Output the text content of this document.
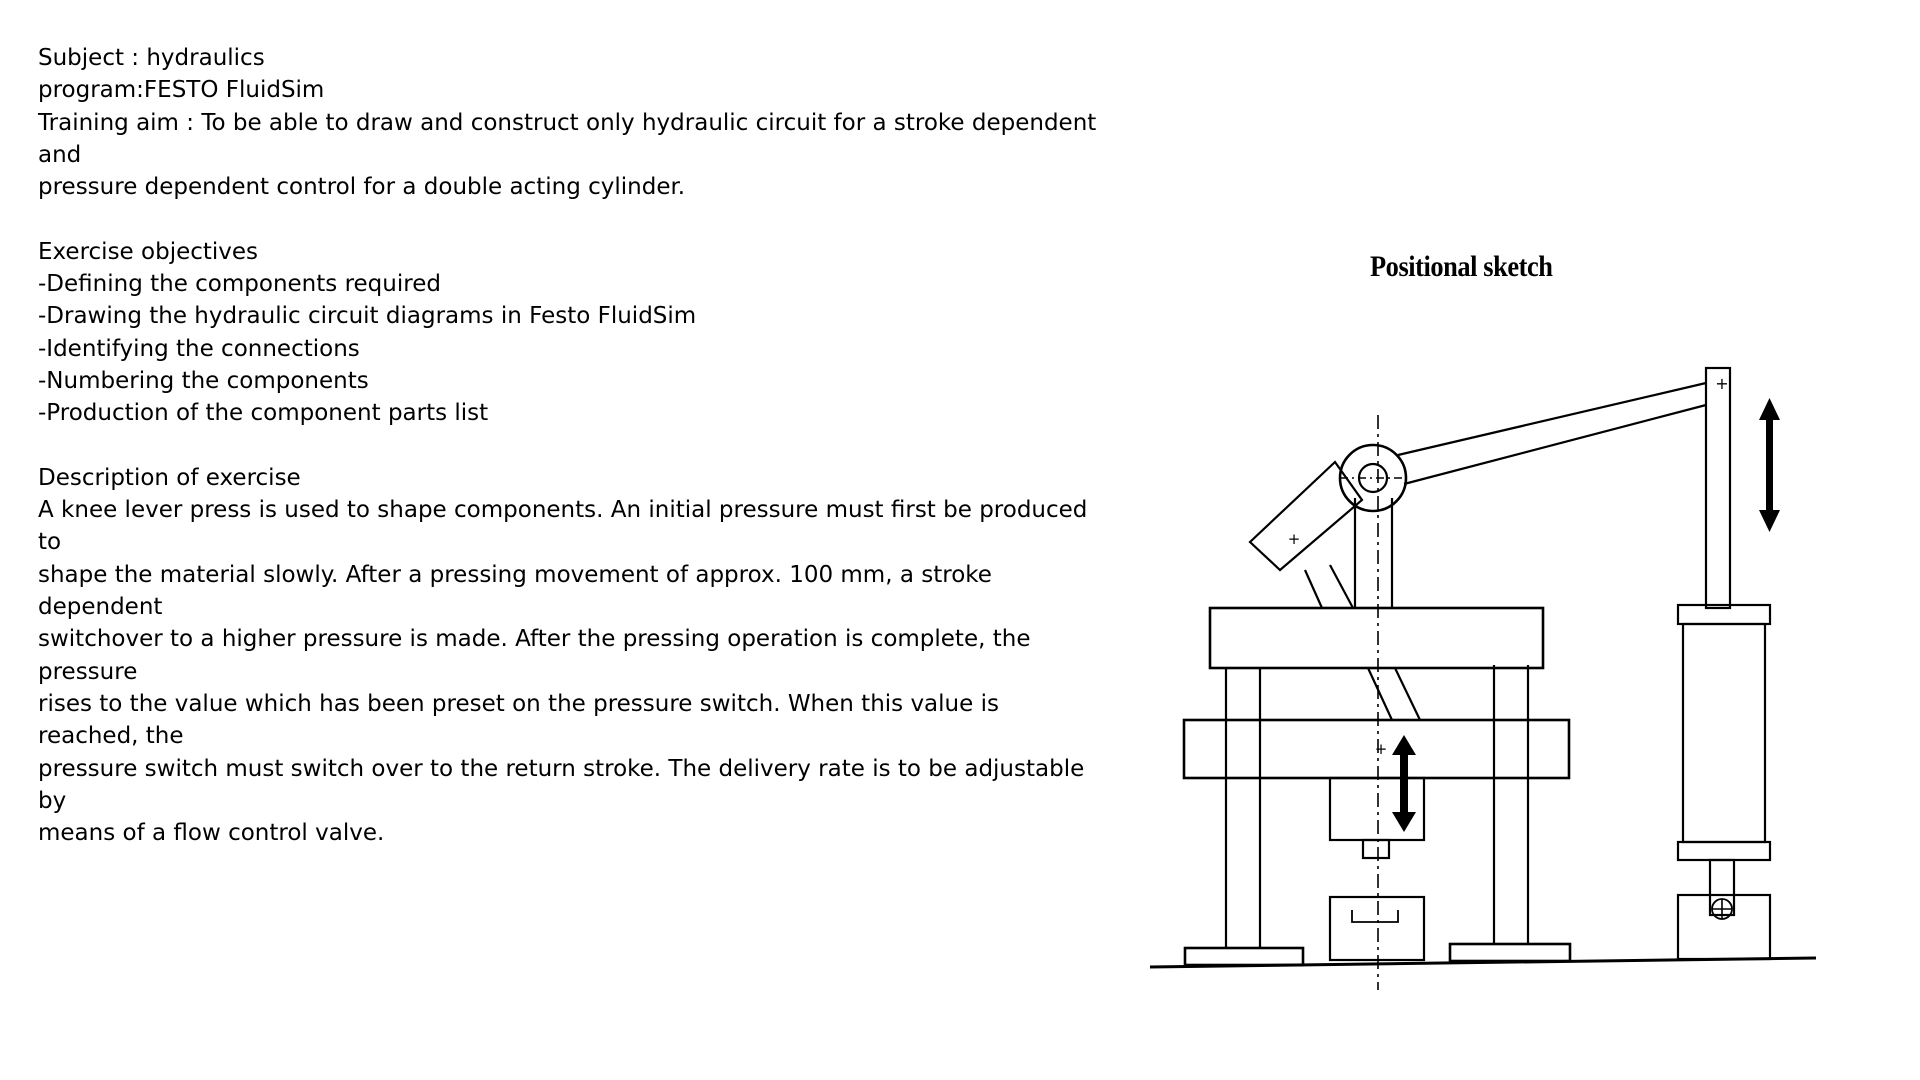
Subject : hydraulics

program:FESTO FluidSim

Training aim : To be able to draw and construct only hydraulic circuit for a stroke dependent and

pressure dependent control for a double acting cylinder.

Exercise objectives

-Defining the components required

-Drawing the hydraulic circuit diagrams in Festo FluidSim

-Identifying the connections

-Numbering the components

-Production of the component parts list

Description of exercise

A knee lever press is used to shape components. An initial pressure must first be produced to

shape the material slowly. After a pressing movement of approx. 100 mm, a stroke dependent

switchover to a higher pressure is made. After the pressing operation is complete, the pressure

rises to the value which has been preset on the pressure switch. When this value is reached, the

pressure switch must switch over to the return stroke. The delivery rate is to be adjustable by

means of a flow control valve.

Positional sketch
+
+
+
